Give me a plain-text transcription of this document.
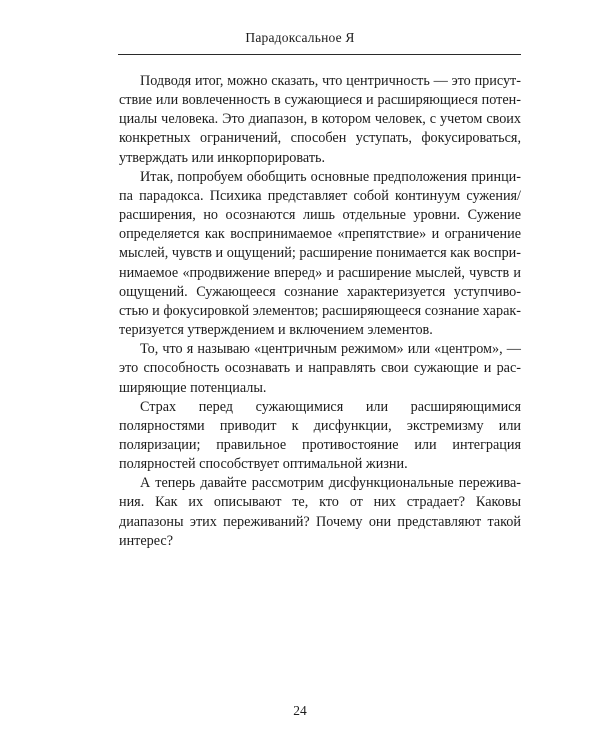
Парадоксальное Я

Подводя итог, можно сказать, что центричность — это присутствие или вовлеченность в сужающиеся и расширяющиеся потенциалы человека. Это диапазон, в котором человек, с учетом своих конкретных ограничений, способен уступать, фокусироваться, утверждать или инкорпорировать.

Итак, попробуем обобщить основные предположения принципа парадокса. Психика представляет собой континуум сужения/ расширения, но осознаются лишь отдельные уровни. Сужение определяется как воспринимаемое «препятствие» и ограничение мыслей, чувств и ощущений; расширение понимается как воспринимаемое «продвижение вперед» и расширение мыслей, чувств и ощущений. Сужающееся сознание характеризуется уступчивостью и фокусировкой элементов; расширяющееся сознание характеризуется утверждением и включением элементов.

То, что я называю «центричным режимом» или «центром», — это способность осознавать и направлять свои сужающие и расширяющие потенциалы.

Страх перед сужающимися или расширяющимися полярностями приводит к дисфункции, экстремизму или поляризации; правильное противостояние или интеграция полярностей способствует оптимальной жизни.

А теперь давайте рассмотрим дисфункциональные переживания. Как их описывают те, кто от них страдает? Каковы диапазоны этих переживаний? Почему они представляют такой интерес?

24
